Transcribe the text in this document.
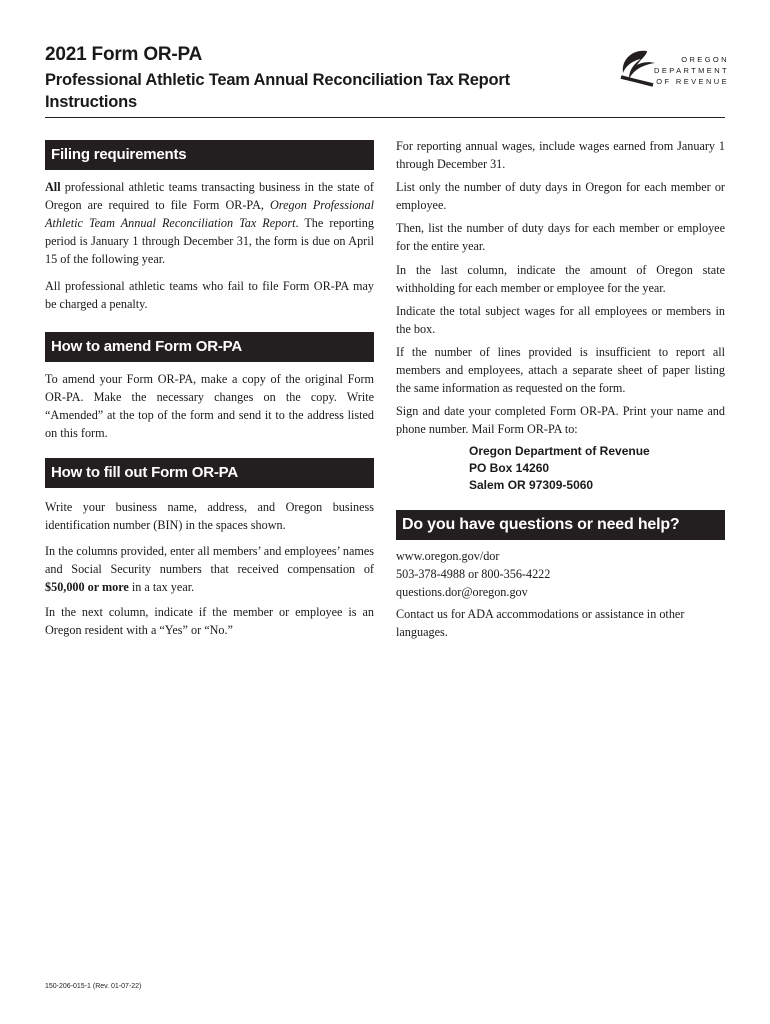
2021 Form OR-PA
Professional Athletic Team Annual Reconciliation Tax Report Instructions
OREGON
DEPARTMENT
OF REVENUE
Filing requirements
All professional athletic teams transacting business in the state of Oregon are required to file Form OR-PA, Oregon Professional Athletic Team Annual Reconciliation Tax Report. The reporting period is January 1 through December 31, the form is due on April 15 of the following year.
All professional athletic teams who fail to file Form OR-PA may be charged a penalty.
How to amend Form OR-PA
To amend your Form OR-PA, make a copy of the original Form OR-PA. Make the necessary changes on the copy. Write “Amended” at the top of the form and send it to the address listed on this form.
How to fill out Form OR-PA
Write your business name, address, and Oregon business identification number (BIN) in the spaces shown.
In the columns provided, enter all members’ and employees’ names and Social Security numbers that received compensation of $50,000 or more in a tax year.
In the next column, indicate if the member or employee is an Oregon resident with a “Yes” or “No.”
For reporting annual wages, include wages earned from January 1 through December 31.
List only the number of duty days in Oregon for each member or employee.
Then, list the number of duty days for each member or employee for the entire year.
In the last column, indicate the amount of Oregon state withholding for each member or employee for the year.
Indicate the total subject wages for all employees or members in the box.
If the number of lines provided is insufficient to report all members and employees, attach a separate sheet of paper listing the same information as requested on the form.
Sign and date your completed Form OR-PA. Print your name and phone number. Mail Form OR-PA to:
Oregon Department of Revenue
PO Box 14260
Salem OR 97309-5060
Do you have questions or need help?
www.oregon.gov/dor
503-378-4988 or 800-356-4222
questions.dor@oregon.gov
Contact us for ADA accommodations or assistance in other languages.
150-206-015-1 (Rev. 01-07-22)
